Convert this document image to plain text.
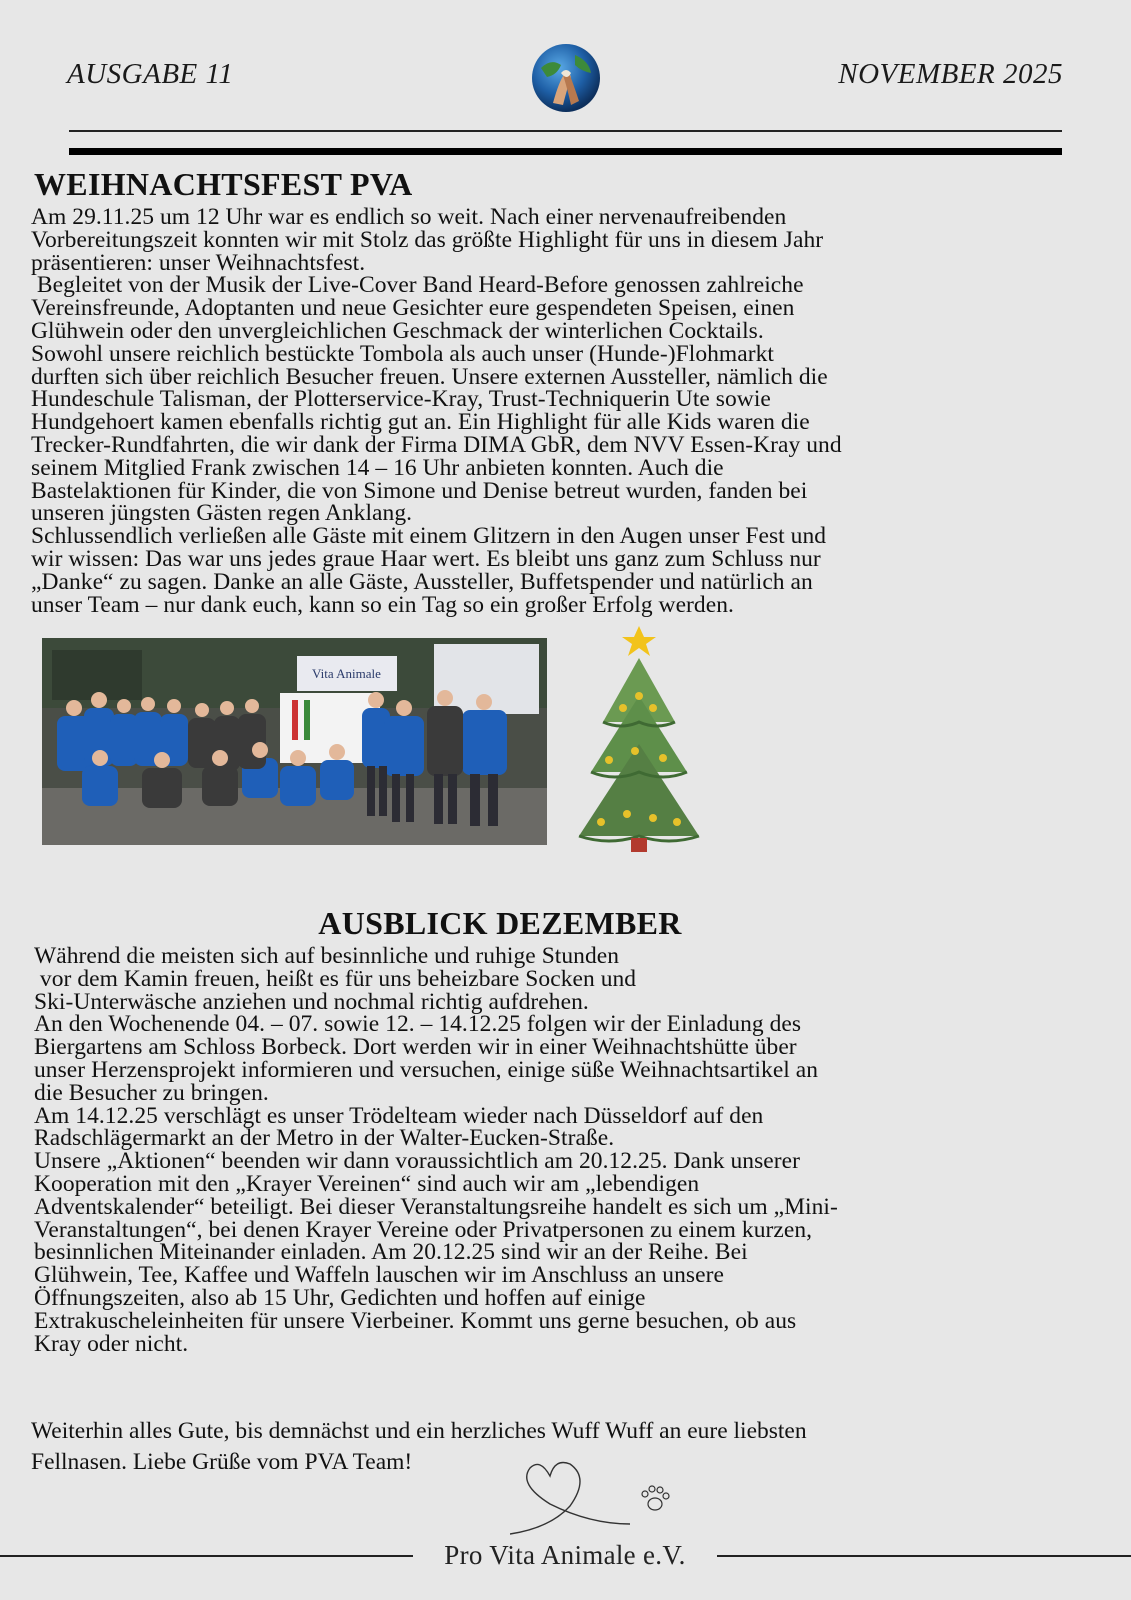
AUSGABE 11	NOVEMBER 2025
WEIHNACHTSFEST PVA
Am 29.11.25 um 12 Uhr war es endlich so weit. Nach einer nervenaufreibenden
Vorbereitungszeit konnten wir mit Stolz das größte Highlight für uns in diesem Jahr
präsentieren: unser Weihnachtsfest.
Begleitet von der Musik der Live-Cover Band Heard-Before genossen zahlreiche
Vereinsfreunde, Adoptanten und neue Gesichter eure gespendeten Speisen, einen
Glühwein oder den unvergleichlichen Geschmack der winterlichen Cocktails.
Sowohl unsere reichlich bestückte Tombola als auch unser (Hunde-)Flohmarkt
durften sich über reichlich Besucher freuen. Unsere externen Aussteller, nämlich die
Hundeschule Talisman, der Plotterservice-Kray, Trust-Techniquerin Ute sowie
Hundgehoert kamen ebenfalls richtig gut an. Ein Highlight für alle Kids waren die
Trecker-Rundfahrten, die wir dank der Firma DIMA GbR, dem NVV Essen-Kray und
seinem Mitglied Frank zwischen 14 – 16 Uhr anbieten konnten. Auch die
Bastelaktionen für Kinder, die von Simone und Denise betreut wurden, fanden bei
unseren jüngsten Gästen regen Anklang.
Schlussendlich verließen alle Gäste mit einem Glitzern in den Augen unser Fest und
wir wissen: Das war uns jedes graue Haar wert. Es bleibt uns ganz zum Schluss nur
„Danke“ zu sagen. Danke an alle Gäste, Aussteller, Buffetspender und natürlich an
unser Team – nur dank euch, kann so ein Tag so ein großer Erfolg werden.
Vita Animale
AUSBLICK DEZEMBER
Während die meisten sich auf besinnliche und ruhige Stunden
vor dem Kamin freuen, heißt es für uns beheizbare Socken und
Ski-Unterwäsche anziehen und nochmal richtig aufdrehen.
An den Wochenende 04. – 07. sowie 12. – 14.12.25 folgen wir der Einladung des
Biergartens am Schloss Borbeck. Dort werden wir in einer Weihnachtshütte über
unser Herzensprojekt informieren und versuchen, einige süße Weihnachtsartikel an
die Besucher zu bringen.
Am 14.12.25 verschlägt es unser Trödelteam wieder nach Düsseldorf auf den
Radschlägermarkt an der Metro in der Walter-Eucken-Straße.
Unsere „Aktionen“ beenden wir dann voraussichtlich am 20.12.25. Dank unserer
Kooperation mit den „Krayer Vereinen“ sind auch wir am „lebendigen
Adventskalender“ beteiligt. Bei dieser Veranstaltungsreihe handelt es sich um „Mini-
Veranstaltungen“, bei denen Krayer Vereine oder Privatpersonen zu einem kurzen,
besinnlichen Miteinander einladen. Am 20.12.25 sind wir an der Reihe. Bei
Glühwein, Tee, Kaffee und Waffeln lauschen wir im Anschluss an unsere
Öffnungszeiten, also ab 15 Uhr, Gedichten und hoffen auf einige
Extrakuscheleinheiten für unsere Vierbeiner. Kommt uns gerne besuchen, ob aus
Kray oder nicht.
Weiterhin alles Gute, bis demnächst und ein herzliches Wuff Wuff an eure liebsten
Fellnasen. Liebe Grüße vom PVA Team!
Pro Vita Animale e.V.
